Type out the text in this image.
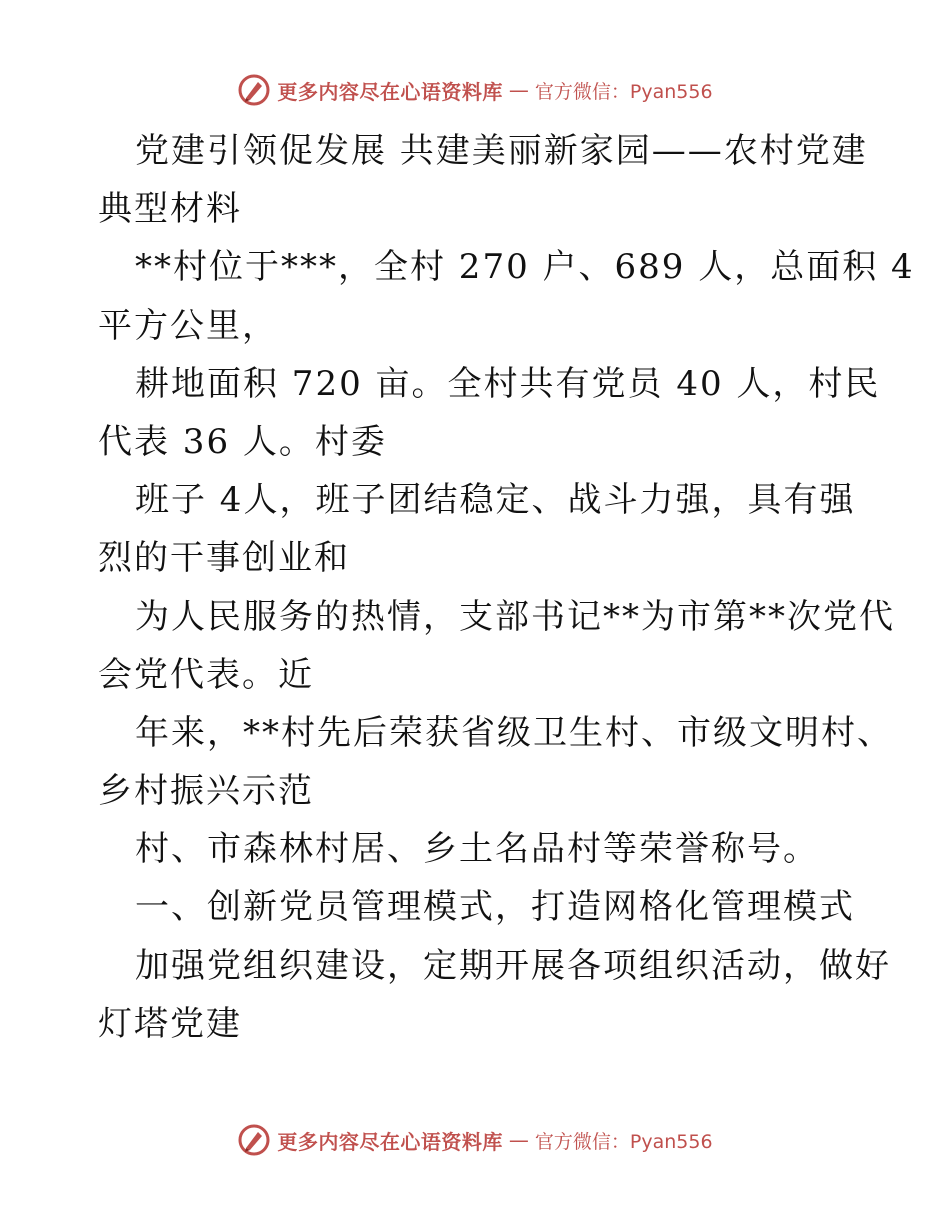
更多内容尽在心语资料库 — 官方微信：Pyan556
党建引领促发展 共建美丽新家园——农村党建
典型材料
**村位于***，全村 270 户、689 人，总面积 4
平方公里，
耕地面积 720 亩。全村共有党员 40 人，村民
代表 36 人。村委
班子 4人，班子团结稳定、战斗力强，具有强
烈的干事创业和
为人民服务的热情，支部书记**为市第**次党代
会党代表。近
年来，**村先后荣获省级卫生村、市级文明村、
乡村振兴示范
村、市森林村居、乡土名品村等荣誉称号。
一、创新党员管理模式，打造网格化管理模式
加强党组织建设，定期开展各项组织活动，做好
灯塔党建
更多内容尽在心语资料库 — 官方微信：Pyan556
